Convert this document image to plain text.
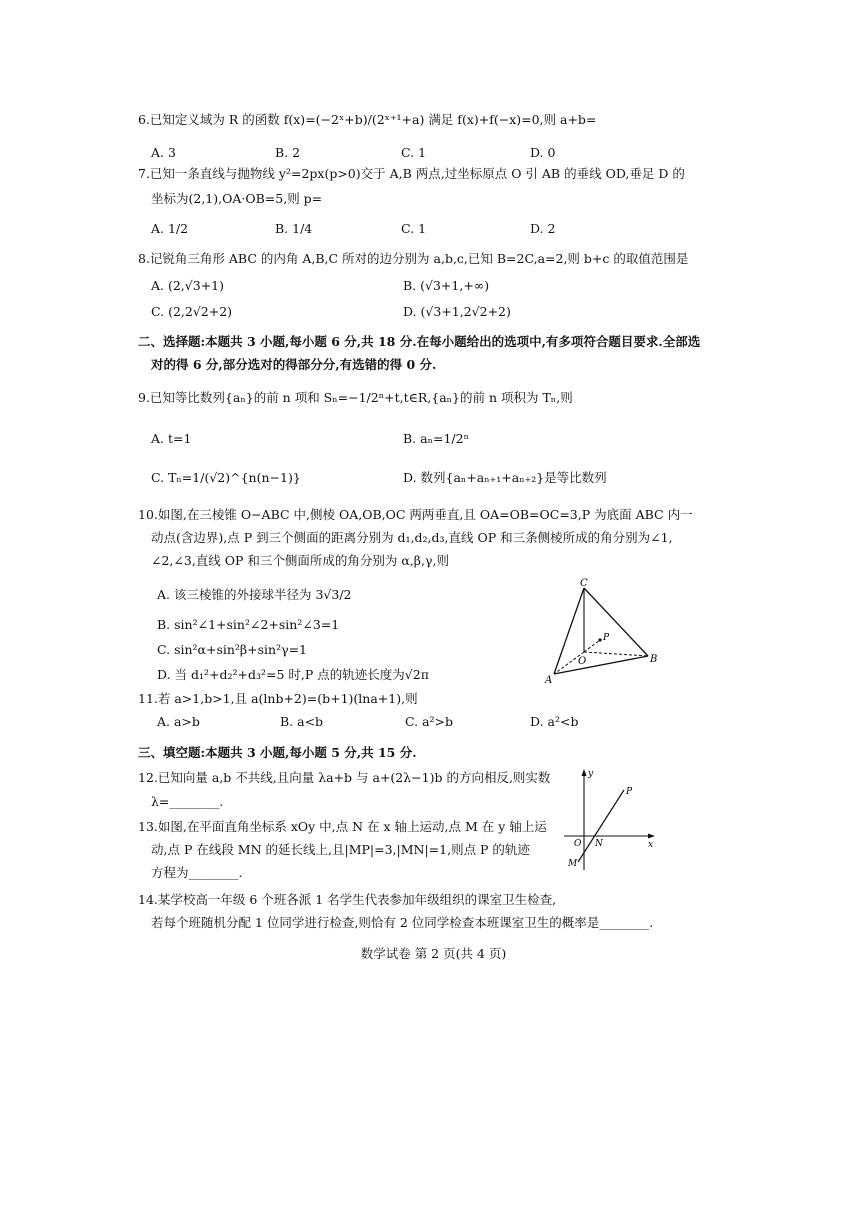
6.已知定义域为 R 的函数 f(x)=(−2ˣ+b)/(2ˣ⁺¹+a) 满足 f(x)+f(−x)=0,则 a+b=
A. 3	B. 2	C. 1	D. 0
7.已知一条直线与抛物线 y²=2px(p>0)交于 A,B 两点,过坐标原点 O 引 AB 的垂线 OD,垂足 D 的
坐标为(2,1),OA·OB=5,则 p=
A. 1/2	B. 1/4	C. 1	D. 2
8.记锐角三角形 ABC 的内角 A,B,C 所对的边分别为 a,b,c,已知 B=2C,a=2,则 b+c 的取值范围是
A. (2,√3+1)	B. (√3+1,+∞)
C. (2,2√2+2)	D. (√3+1,2√2+2)
二、选择题:本题共 3 小题,每小题 6 分,共 18 分.在每小题给出的选项中,有多项符合题目要求.全部选
对的得 6 分,部分选对的得部分分,有选错的得 0 分.
9.已知等比数列{aₙ}的前 n 项和 Sₙ=−1/2ⁿ+t,t∈R,{aₙ}的前 n 项积为 Tₙ,则
A. t=1	B. aₙ=1/2ⁿ
C. Tₙ=1/(√2)^{n(n−1)}	D. 数列{aₙ+aₙ₊₁+aₙ₊₂}是等比数列
10.如图,在三棱锥 O−ABC 中,侧棱 OA,OB,OC 两两垂直,且 OA=OB=OC=3,P 为底面 ABC 内一
动点(含边界),点 P 到三个侧面的距离分别为 d₁,d₂,d₃,直线 OP 和三条侧棱所成的角分别为∠1,
∠2,∠3,直线 OP 和三个侧面所成的角分别为 α,β,γ,则
A. 该三棱锥的外接球半径为 3√3/2
B. sin²∠1+sin²∠2+sin²∠3=1
C. sin²α+sin²β+sin²γ=1
D. 当 d₁²+d₂²+d₃²=5 时,P 点的轨迹长度为√2π
C
A
B
O
P
11.若 a>1,b>1,且 a(lnb+2)=(b+1)(lna+1),则
A. a>b	B. a<b	C. a²>b	D. a²<b
三、填空题:本题共 3 小题,每小题 5 分,共 15 分.
12.已知向量 a,b 不共线,且向量 λa+b 与 a+(2λ−1)b 的方向相反,则实数
λ=________.
13.如图,在平面直角坐标系 xOy 中,点 N 在 x 轴上运动,点 M 在 y 轴上运
动,点 P 在线段 MN 的延长线上,且|MP|=3,|MN|=1,则点 P 的轨迹
方程为________.
y
x
O N
M
P
14.某学校高一年级 6 个班各派 1 名学生代表参加年级组织的课室卫生检查,
若每个班随机分配 1 位同学进行检查,则恰有 2 位同学检查本班课室卫生的概率是________.
数学试卷 第 2 页(共 4 页)
